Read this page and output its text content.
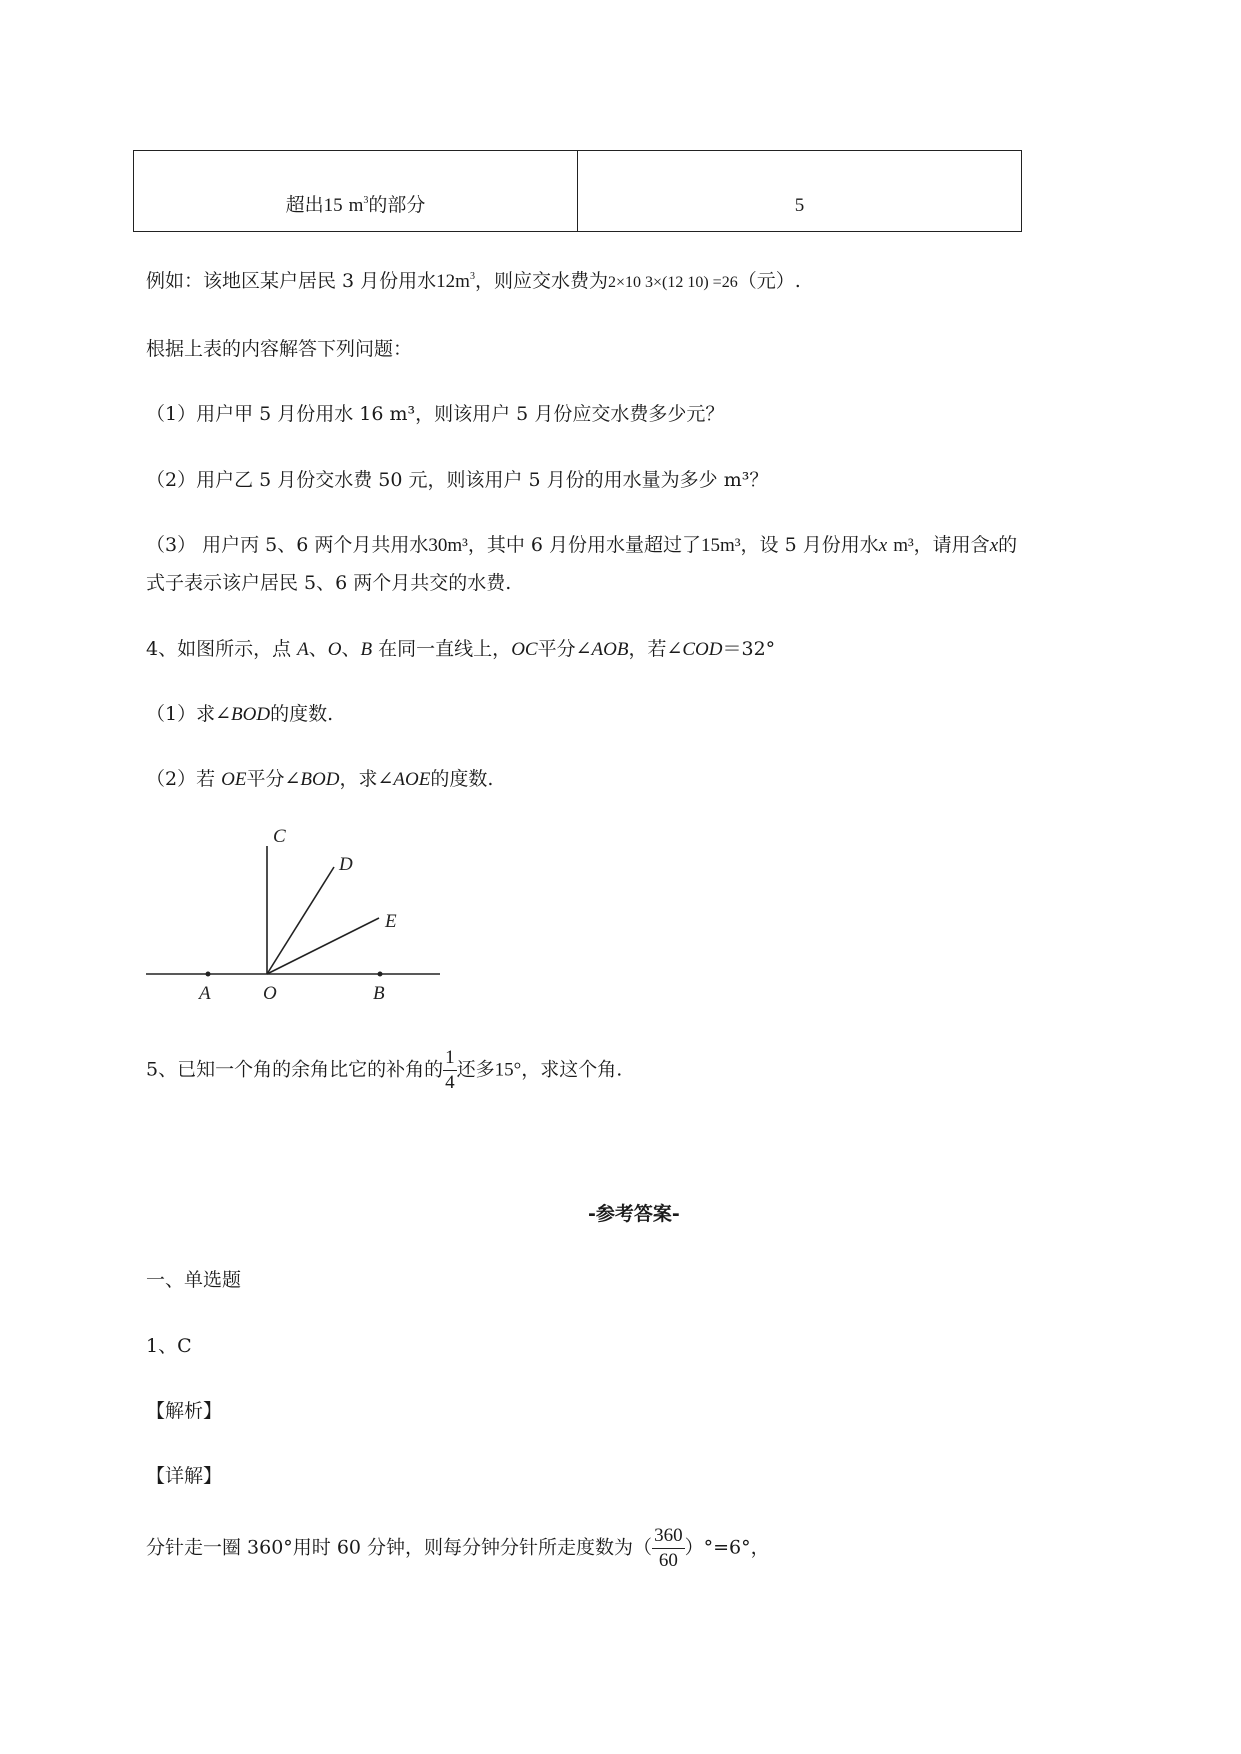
超出15 $m^3$的部分	5
例如：该地区某户居民 3 月份用水$12m^3$，则应交水费为2×10 3×(12 10) =26（元）.
根据上表的内容解答下列问题：
（1）用户甲 5 月份用水 16 m³，则该用户 5 月份应交水费多少元？
（2）用户乙 5 月份交水费 50 元，则该用户 5 月份的用水量为多少 m³？
（3） 用户丙 5、6 两个月共用水30m³，其中 6 月份用水量超过了15m³，设 5 月份用水x m³，请用含x的
式子表示该户居民 5、6 两个月共交的水费.
4、如图所示，点 A、O、B 在同一直线上，OC平分∠AOB，若∠COD＝32°
（1）求∠BOD的度数.
（2）若 OE平分∠BOD，求∠AOE的度数.
C
D
E
A	O	B
5、已知一个角的余角比它的补角的 $\frac{1}{4}$ 还多15°，求这个角.
-参考答案-
一、单选题
1、C
【解析】
【详解】
分针走一圈 360°用时 60 分钟，则每分钟分针所走度数为（ $\frac{360}{60} )^\circ=6^\circ$，
